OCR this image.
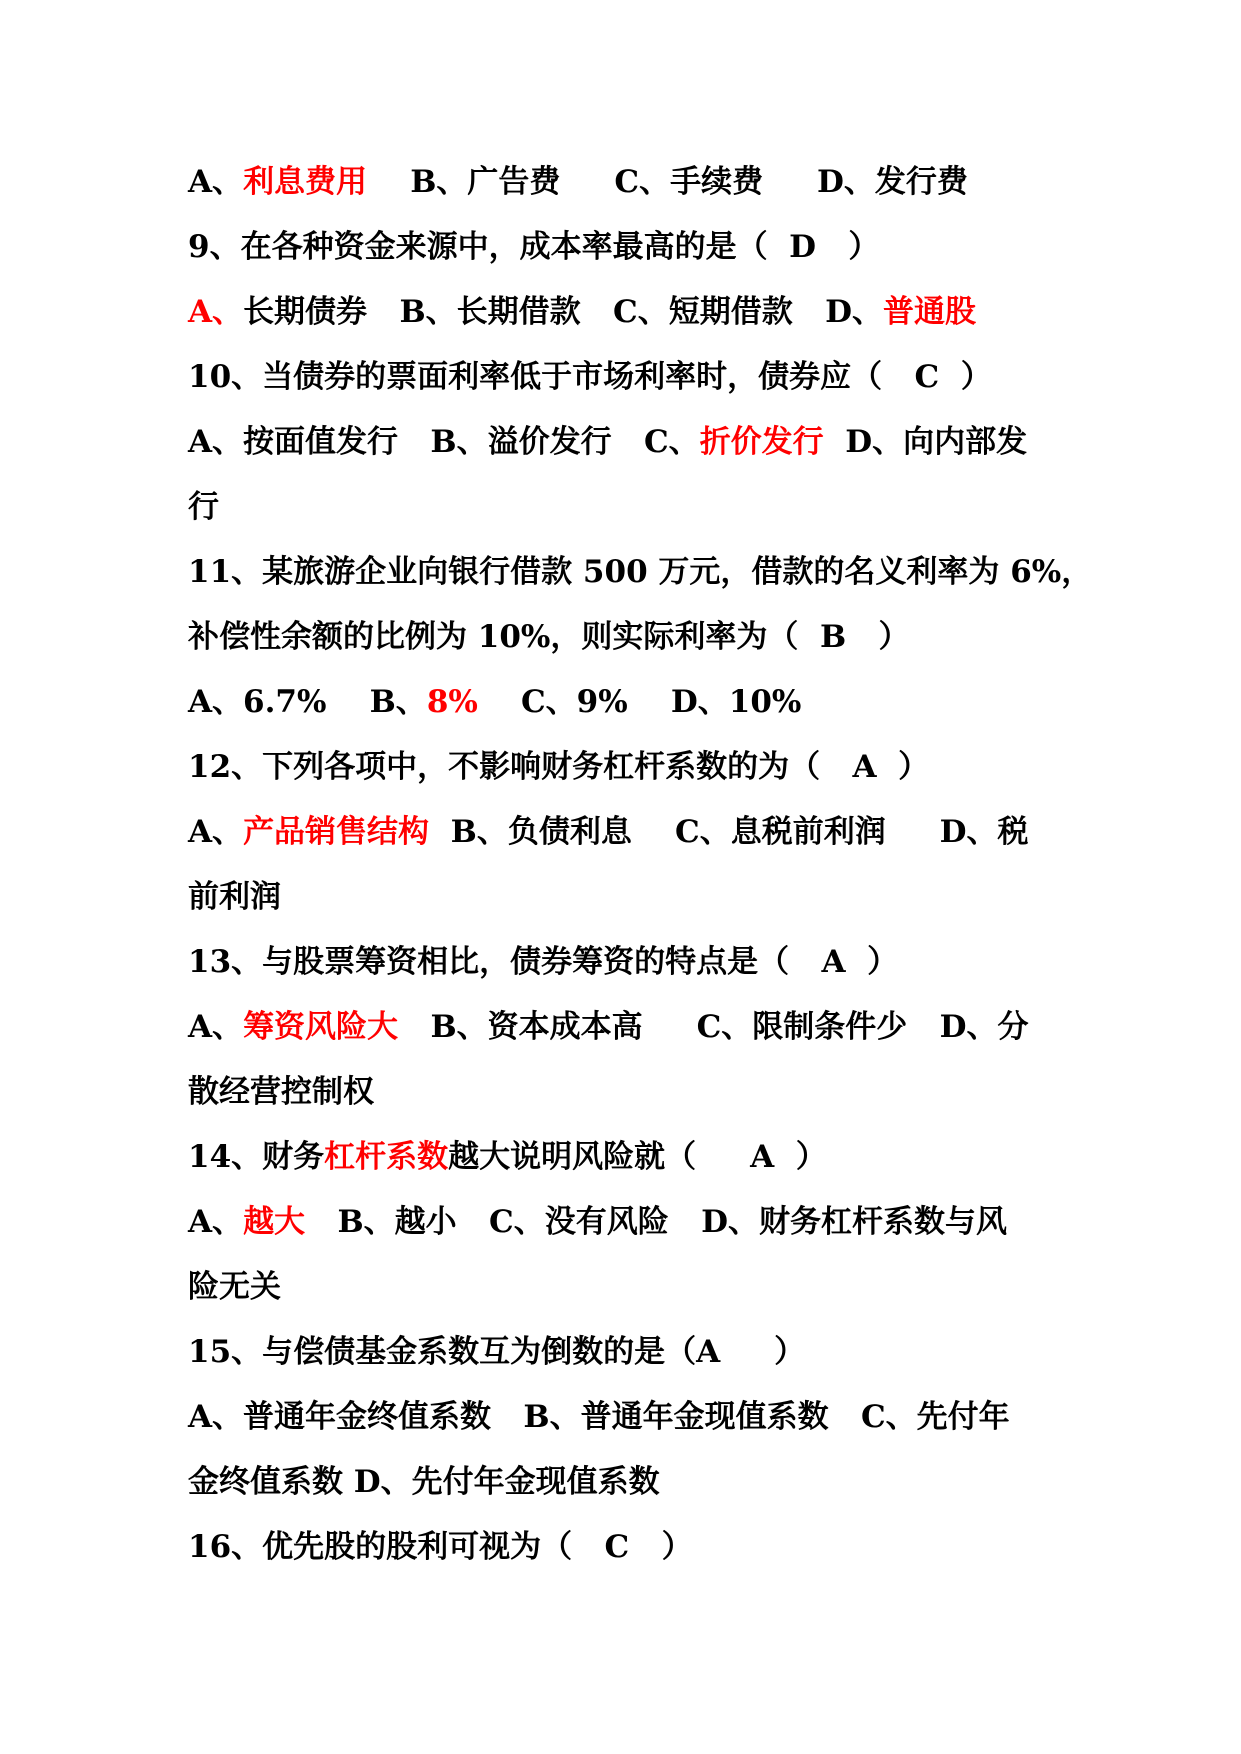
A、利息费用    B、广告费     C、手续费     D、发行费
9、在各种资金来源中，成本率最高的是（  D   ）
A、长期债券   B、长期借款   C、短期借款   D、普通股
10、当债券的票面利率低于市场利率时，债券应（   C  ）
A、按面值发行   B、溢价发行   C、折价发行  D、向内部发
行
11、某旅游企业向银行借款 500 万元，借款的名义利率为 6%，
补偿性余额的比例为 10%，则实际利率为（  B   ）
A、6.7%    B、8%    C、9%    D、10%
12、下列各项中，不影响财务杠杆系数的为（   A  ）
A、产品销售结构  B、负债利息    C、息税前利润     D、税
前利润
13、与股票筹资相比，债券筹资的特点是（   A  ）
A、筹资风险大   B、资本成本高     C、限制条件少   D、分
散经营控制权
14、财务杠杆系数越大说明风险就（     A  ）
A、越大   B、越小   C、没有风险   D、财务杠杆系数与风
险无关
15、与偿债基金系数互为倒数的是（A     ）
A、普通年金终值系数   B、普通年金现值系数   C、先付年
金终值系数 D、先付年金现值系数
16、优先股的股利可视为（   C   ）
